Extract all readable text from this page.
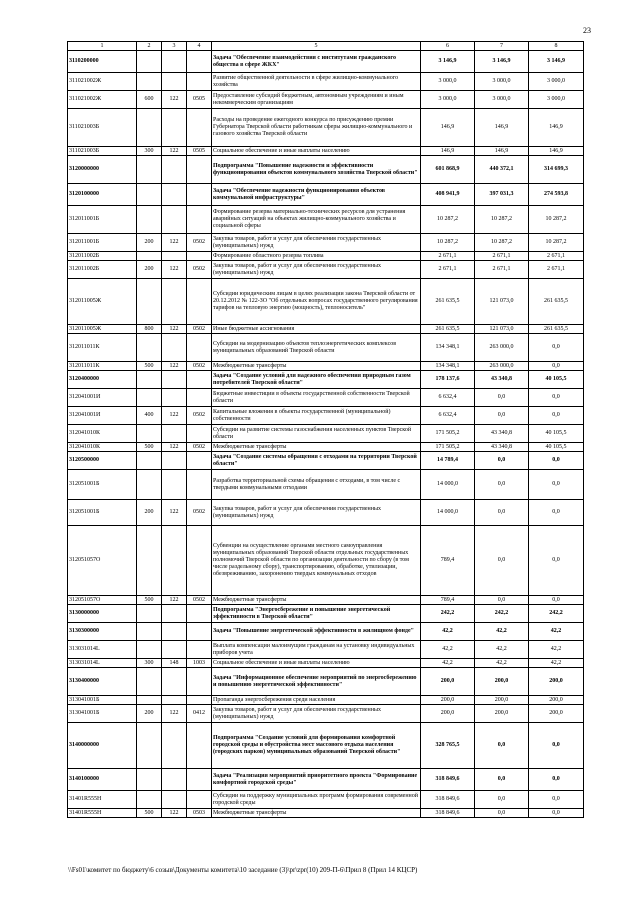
23
1	2	3	4	5	6	7	8
3110200000				Задача "Обеспечение взаимодействия с институтами гражданского общества в сфере ЖКХ"	3 146,9	3 146,9	3 146,9
311021002Ж				Развитие общественной деятельности в сфере жилищно-коммунального хозяйства	3 000,0	3 000,0	3 000,0
311021002Ж	600	122	0505	Предоставление субсидий бюджетным, автономным учреждениям и иным некоммерческим организациям	3 000,0	3 000,0	3 000,0
311021003Б				Расходы на проведение ежегодного конкурса по присуждению премии Губернатора Тверской области работникам сферы жилищно-коммунального и газового хозяйства Тверской области	146,9	146,9	146,9
311021003Б	300	122	0505	Социальное обеспечение и иные выплаты населению	146,9	146,9	146,9
3120000000				Подпрограмма "Повышение надежности и эффективности функционирования объектов коммунального хозяйства Тверской области"	601 868,9	440 372,1	314 699,3
3120100000				Задача "Обеспечение надежности функционирования объектов коммунальной инфраструктуры"	408 941,9	397 031,3	274 593,8
312011001Б				Формирование резерва материально-технических ресурсов для устранения аварийных ситуаций на объектах жилищно-коммунального хозяйства и социальной сферы	10 287,2	10 287,2	10 287,2
312011001Б	200	122	0502	Закупка товаров, работ и услуг для обеспечения государственных (муниципальных) нужд	10 287,2	10 287,2	10 287,2
312011002Б				Формирование областного резерва топлива	2 671,1	2 671,1	2 671,1
312011002Б	200	122	0502	Закупка товаров, работ и услуг для обеспечения государственных (муниципальных) нужд	2 671,1	2 671,1	2 671,1
312011005Ж				Субсидии юридическим лицам в целях реализации закона Тверской области от 20.12.2012 № 122-ЗО "Об отдельных вопросах государственного регулирования тарифов на тепловую энергию (мощность), теплоноситель"	261 635,5	121 073,0	261 635,5
312011005Ж	800	122	0502	Иные бюджетные ассигнования	261 635,5	121 073,0	261 635,5
312011011К				Субсидии на модернизацию объектов теплоэнергетических комплексов муниципальных образований Тверской области	134 348,1	263 000,0	0,0
312011011К	500	122	0502	Межбюджетные трансферты	134 348,1	263 000,0	0,0
3120400000				Задача "Создание условий для надежного обеспечения природным газом потребителей Тверской области"	178 137,6	43 340,8	40 105,5
312041001И				Бюджетные инвестиции в объекты государственной собственности Тверской области	6 632,4	0,0	0,0
312041001И	400	122	0502	Капитальные вложения в объекты государственной (муниципальной) собственности	6 632,4	0,0	0,0
312041010К				Субсидии на развитие системы газоснабжения населенных пунктов Тверской области	171 505,2	43 340,8	40 105,5
312041010К	500	122	0502	Межбюджетные трансферты	171 505,2	43 340,8	40 105,5
3120500000				Задача "Создание системы обращения с отходами на территории Тверской области"	14 789,4	0,0	0,0
312051001Б				Разработка территориальной схемы обращения с отходами, в том числе с твердыми коммунальными отходами	14 000,0	0,0	0,0
312051001Б	200	122	0502	Закупка товаров, работ и услуг для обеспечения государственных (муниципальных) нужд	14 000,0	0,0	0,0
312051057О				Субвенции на осуществление органами местного самоуправления муниципальных образований Тверской области отдельных государственных полномочий Тверской области по организации деятельности по сбору (в том числе раздельному сбору), транспортированию, обработке, утилизации, обезвреживанию, захоронению твердых коммунальных отходов	789,4	0,0	0,0
312051057О	500	122	0502	Межбюджетные трансферты	789,4	0,0	0,0
3130000000				Подпрограмма "Энергосбережение и повышение энергетической эффективности в Тверской области"	242,2	242,2	242,2
3130300000				Задача "Повышение энергетической эффективности в жилищном фонде"	42,2	42,2	42,2
313031014L				Выплата компенсации малоимущим гражданам на установку индивидуальных приборов учета	42,2	42,2	42,2
313031014L	300	148	1003	Социальное обеспечение и иные выплаты населению	42,2	42,2	42,2
3130400000				Задача "Информационное обеспечение мероприятий по энергосбережению и повышению энергетической эффективности"	200,0	200,0	200,0
313041001Б				Пропаганда энергосбережения среди населения	200,0	200,0	200,0
313041001Б	200	122	0412	Закупка товаров, работ и услуг для обеспечения государственных (муниципальных) нужд	200,0	200,0	200,0
3140000000				Подпрограмма "Создание условий для формирования комфортной городской среды и обустройства мест массового отдыха населения (городских парков) муниципальных образований Тверской области"	328 765,5	0,0	0,0
3140100000				Задача "Реализация мероприятий приоритетного проекта "Формирование комфортной городской среды"	318 849,6	0,0	0,0
31401R555Н				Субсидии на поддержку муниципальных программ формирования современной городской среды	318 849,6	0,0	0,0
31401R555Н	500	122	0503	Межбюджетные трансферты	318 849,6	0,0	0,0
\\Fs01\комитет по бюджету\6 созыв\Документы комитета\10 заседание (3)\pr\zpr(10) 209-П-6\Прил 8 (Прил 14 КЦСР)
